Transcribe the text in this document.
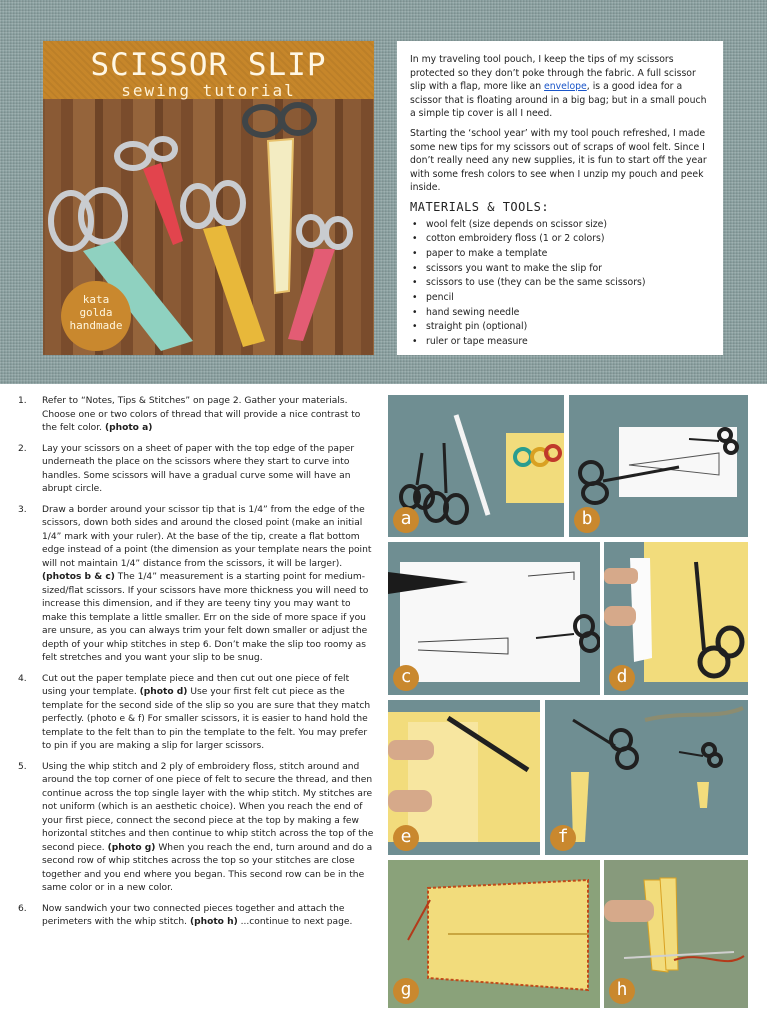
SCISSOR SLIP
sewing tutorial
kata
golda
handmade

In my traveling tool pouch, I keep the tips of my scissors protected so they don’t poke through the fabric. A full scissor slip with a flap, more like an envelope, is a good idea for a scissor that is floating around in a big bag; but in a small pouch a simple tip cover is all I need.

Starting the ‘school year’ with my tool pouch refreshed, I made some new tips for my scissors out of scraps of wool felt. Since I don’t really need any new supplies, it is fun to start off the year with some fresh colors to see when I unzip my pouch and peek inside.

MATERIALS & TOOLS:
• wool felt (size depends on scissor size)
• cotton embroidery floss (1 or 2 colors)
• paper to make a template
• scissors you want to make the slip for
• scissors to use (they can be the same scissors)
• pencil
• hand sewing needle
• straight pin (optional)
• ruler or tape measure
1. Refer to “Notes, Tips & Stitches” on page 2. Gather your materials. Choose one or two colors of thread that will provide a nice contrast to the felt color. (photo a)
2. Lay your scissors on a sheet of paper with the top edge of the paper underneath the place on the scissors where they start to curve into handles. Some scissors will have a gradual curve some will have an abrupt circle.
3. Draw a border around your scissor tip that is 1/4” from the edge of the scissors, down both sides and around the closed point (make an initial 1/4” mark with your ruler). At the base of the tip, create a flat bottom edge instead of a point (the dimension as your template nears the point will not maintain 1/4” distance from the scissors, it will be larger). (photos b & c) The 1/4” measurement is a starting point for medium-sized/flat scissors. If your scissors have more thickness you will need to increase this dimension, and if they are teeny tiny you may want to make this template a little smaller. Err on the side of more space if you are unsure, as you can always trim your felt down smaller or adjust the depth of your whip stitches in step 6. Don’t make the slip too roomy as felt stretches and you want your slip to be snug.
4. Cut out the paper template piece and then cut out one piece of felt using your template. (photo d) Use your first felt cut piece as the template for the second side of the slip so you are sure that they match perfectly. (photo e & f) For smaller scissors, it is easier to hand hold the template to the felt than to pin the template to the felt. You may prefer to pin if you are making a slip for larger scissors.
5. Using the whip stitch and 2 ply of embroidery floss, stitch around and around the top corner of one piece of felt to secure the thread, and then continue across the top single layer with the whip stitch. My stitches are not uniform (which is an aesthetic choice). When you reach the end of your first piece, connect the second piece at the top by making a few horizontal stitches and then continue to whip stitch across the top of the second piece. (photo g) When you reach the end, turn around and do a second row of whip stitches across the top so your stitches are close together and you end where you began. This second row can be in the same color or in a new color.
6. Now sandwich your two connected pieces together and attach the perimeters with the whip stitch. (photo h) ...continue to next page.
a	b
c	d
e	f
g	h
